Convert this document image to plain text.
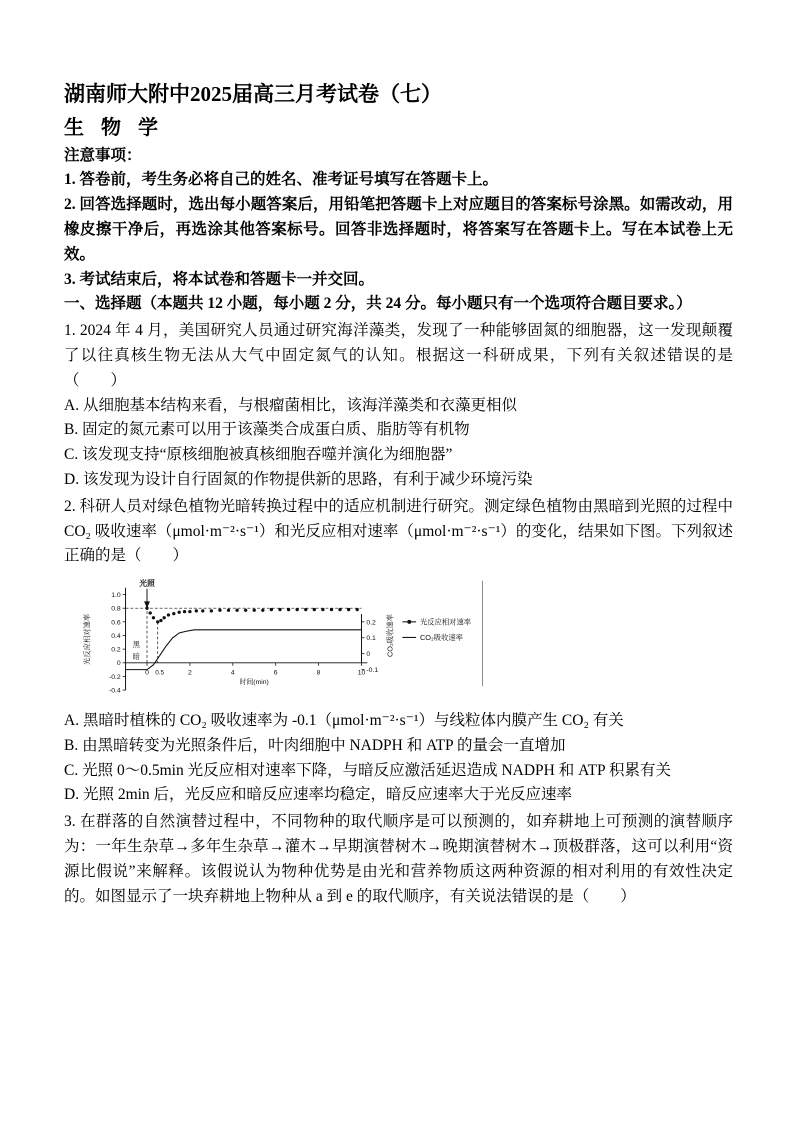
湖南师大附中2025届高三月考试卷（七）

生 物 学

注意事项：

1. 答卷前，考生务必将自己的姓名、准考证号填写在答题卡上。

2. 回答选择题时，选出每小题答案后，用铅笔把答题卡上对应题目的答案标号涂黑。如需改动，用橡皮擦干净后，再选涂其他答案标号。回答非选择题时，将答案写在答题卡上。写在本试卷上无效。

3. 考试结束后，将本试卷和答题卡一并交回。

一、选择题（本题共 12 小题，每小题 2 分，共 24 分。每小题只有一个选项符合题目要求。）

1. 2024 年 4 月，美国研究人员通过研究海洋藻类，发现了一种能够固氮的细胞器，这一发现颠覆了以往真核生物无法从大气中固定氮气的认知。根据这一科研成果，下列有关叙述错误的是（　　）

A. 从细胞基本结构来看，与根瘤菌相比，该海洋藻类和衣藻更相似

B. 固定的氮元素可以用于该藻类合成蛋白质、脂肪等有机物

C. 该发现支持“原核细胞被真核细胞吞噬并演化为细胞器”

D. 该发现为设计自行固氮的作物提供新的思路，有利于减少环境污染

2. 科研人员对绿色植物光暗转换过程中的适应机制进行研究。测定绿色植物由黑暗到光照的过程中 CO₂ 吸收速率（μmol·m⁻²·s⁻¹）和光反应相对速率（μmol·m⁻²·s⁻¹）的变化，结果如下图。下列叙述正确的是（　　）

1.0
0.8
0.6
0.4
0.2
0
-0.2
-0.4
0.2
0.1
0
-0.1
0	2	4	6	8	10
0.5
时间(min)
光照
黑
暗
光反应相对速率	CO₂吸收速率	光反应相对速率
CO₂吸收速率

A. 黑暗时植株的 CO₂ 吸收速率为 -0.1（μmol·m⁻²·s⁻¹）与线粒体内膜产生 CO₂ 有关

B. 由黑暗转变为光照条件后，叶肉细胞中 NADPH 和 ATP 的量会一直增加

C. 光照 0～0.5min 光反应相对速率下降，与暗反应激活延迟造成 NADPH 和 ATP 积累有关

D. 光照 2min 后，光反应和暗反应速率均稳定，暗反应速率大于光反应速率

3. 在群落的自然演替过程中，不同物种的取代顺序是可以预测的，如弃耕地上可预测的演替顺序为：一年生杂草→多年生杂草→灌木→早期演替树木→晚期演替树木→顶极群落，这可以利用“资源比假说”来解释。该假说认为物种优势是由光和营养物质这两种资源的相对利用的有效性决定的。如图显示了一块弃耕地上物种从 a 到 e 的取代顺序，有关说法错误的是（　　）
